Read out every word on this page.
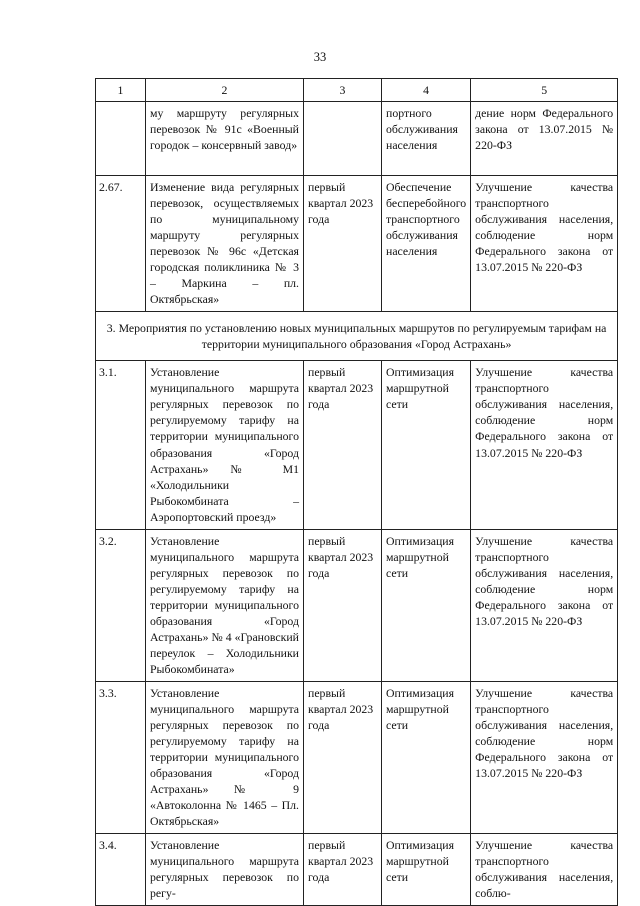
33
1	2	3	4	5
	му маршруту регулярных перевозок № 91с «Военный городок – консервный завод»		портного обслуживания населения	дение норм Федерального закона от 13.07.2015 № 220-ФЗ
2.67.	Изменение вида регулярных перевозок, осуществляемых по муниципальному маршруту регулярных перевозок № 96с «Детская городская поликлиника № 3 – Маркина – пл. Октябрьская»	первый квартал 2023 года	Обеспечение бесперебойного транспортного обслуживания населения	Улучшение качества транспортного обслуживания населения, соблюдение норм Федерального закона от 13.07.2015 № 220-ФЗ
3. Мероприятия по установлению новых муниципальных маршрутов по регулируемым тарифам на территории муниципального образования «Город Астрахань»				
3.1.	Установление муниципального маршрута регулярных перевозок по регулируемому тарифу на территории муниципального образования «Город Астрахань» № М1 «Холодильники Рыбокомбината – Аэропортовский проезд»	первый квартал 2023 года	Оптимизация маршрутной сети	Улучшение качества транспортного обслуживания населения, соблюдение норм Федерального закона от 13.07.2015 № 220-ФЗ
3.2.	Установление муниципального маршрута регулярных перевозок по регулируемому тарифу на территории муниципального образования «Город Астрахань» № 4 «Грановский переулок – Холодильники Рыбокомбината»	первый квартал 2023 года	Оптимизация маршрутной сети	Улучшение качества транспортного обслуживания населения, соблюдение норм Федерального закона от 13.07.2015 № 220-ФЗ
3.3.	Установление муниципального маршрута регулярных перевозок по регулируемому тарифу на территории муниципального образования «Город Астрахань» № 9 «Автоколонна № 1465 – Пл. Октябрьская»	первый квартал 2023 года	Оптимизация маршрутной сети	Улучшение качества транспортного обслуживания населения, соблюдение норм Федерального закона от 13.07.2015 № 220-ФЗ
3.4.	Установление муниципального маршрута регулярных перевозок по регу-	первый квартал 2023 года	Оптимизация маршрутной сети	Улучшение качества транспортного обслуживания населения, соблю-
